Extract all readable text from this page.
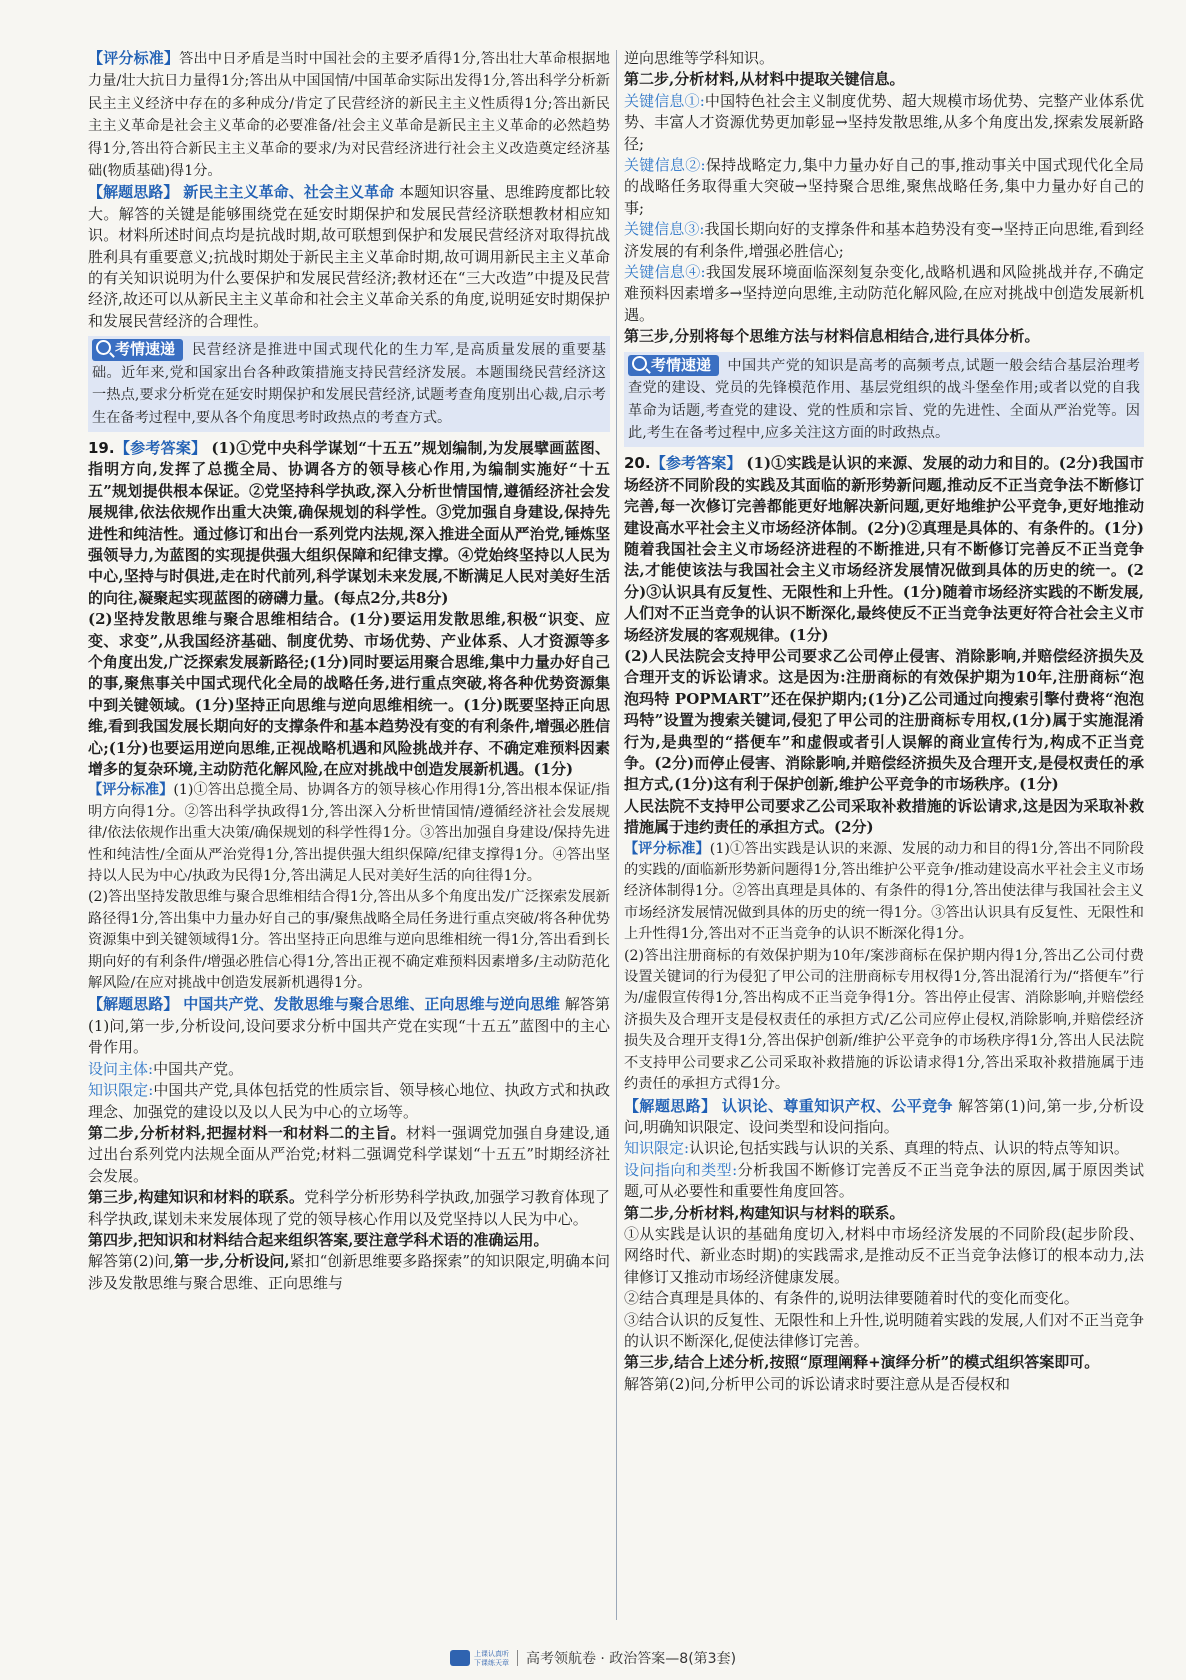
【评分标准】答出中日矛盾是当时中国社会的主要矛盾得1分,答出壮大革命根据地力量/壮大抗日力量得1分;答出从中国国情/中国革命实际出发得1分,答出科学分析新民主主义经济中存在的多种成分/肯定了民营经济的新民主主义性质得1分;答出新民主主义革命是社会主义革命的必要准备/社会主义革命是新民主主义革命的必然趋势得1分,答出符合新民主主义革命的要求/为对民营经济进行社会主义改造奠定经济基础(物质基础)得1分。

【解题思路】 新民主主义革命、社会主义革命 本题知识容量、思维跨度都比较大。解答的关键是能够围绕党在延安时期保护和发展民营经济联想教材相应知识。材料所述时间点均是抗战时期,故可联想到保护和发展民营经济对取得抗战胜利具有重要意义;抗战时期处于新民主主义革命时期,故可调用新民主主义革命的有关知识说明为什么要保护和发展民营经济;教材还在“三大改造”中提及民营经济,故还可以从新民主主义革命和社会主义革命关系的角度,说明延安时期保护和发展民营经济的合理性。

考情速递 民营经济是推进中国式现代化的生力军,是高质量发展的重要基础。近年来,党和国家出台各种政策措施支持民营经济发展。本题围绕民营经济这一热点,要求分析党在延安时期保护和发展民营经济,试题考查角度别出心裁,启示考生在备考过程中,要从各个角度思考时政热点的考查方式。

19.【参考答案】 (1)①党中央科学谋划“十五五”规划编制,为发展擘画蓝图、指明方向,发挥了总揽全局、协调各方的领导核心作用,为编制实施好“十五五”规划提供根本保证。②党坚持科学执政,深入分析世情国情,遵循经济社会发展规律,依法依规作出重大决策,确保规划的科学性。③党加强自身建设,保持先进性和纯洁性。通过修订和出台一系列党内法规,深入推进全面从严治党,锤炼坚强领导力,为蓝图的实现提供强大组织保障和纪律支撑。④党始终坚持以人民为中心,坚持与时俱进,走在时代前列,科学谋划未来发展,不断满足人民对美好生活的向往,凝聚起实现蓝图的磅礴力量。(每点2分,共8分)

(2)坚持发散思维与聚合思维相结合。(1分)要运用发散思维,积极“识变、应变、求变”,从我国经济基础、制度优势、市场优势、产业体系、人才资源等多个角度出发,广泛探索发展新路径;(1分)同时要运用聚合思维,集中力量办好自己的事,聚焦事关中国式现代化全局的战略任务,进行重点突破,将各种优势资源集中到关键领域。(1分)坚持正向思维与逆向思维相统一。(1分)既要坚持正向思维,看到我国发展长期向好的支撑条件和基本趋势没有变的有利条件,增强必胜信心;(1分)也要运用逆向思维,正视战略机遇和风险挑战并存、不确定难预料因素增多的复杂环境,主动防范化解风险,在应对挑战中创造发展新机遇。(1分)

【评分标准】(1)①答出总揽全局、协调各方的领导核心作用得1分,答出根本保证/指明方向得1分。②答出科学执政得1分,答出深入分析世情国情/遵循经济社会发展规律/依法依规作出重大决策/确保规划的科学性得1分。③答出加强自身建设/保持先进性和纯洁性/全面从严治党得1分,答出提供强大组织保障/纪律支撑得1分。④答出坚持以人民为中心/执政为民得1分,答出满足人民对美好生活的向往得1分。

(2)答出坚持发散思维与聚合思维相结合得1分,答出从多个角度出发/广泛探索发展新路径得1分,答出集中力量办好自己的事/聚焦战略全局任务进行重点突破/将各种优势资源集中到关键领域得1分。答出坚持正向思维与逆向思维相统一得1分,答出看到长期向好的有利条件/增强必胜信心得1分,答出正视不确定难预料因素增多/主动防范化解风险/在应对挑战中创造发展新机遇得1分。

【解题思路】 中国共产党、发散思维与聚合思维、正向思维与逆向思维 解答第(1)问,第一步,分析设问,设问要求分析中国共产党在实现“十五五”蓝图中的主心骨作用。

设问主体:中国共产党。

知识限定:中国共产党,具体包括党的性质宗旨、领导核心地位、执政方式和执政理念、加强党的建设以及以人民为中心的立场等。

第二步,分析材料,把握材料一和材料二的主旨。材料一强调党加强自身建设,通过出台系列党内法规全面从严治党;材料二强调党科学谋划“十五五”时期经济社会发展。

第三步,构建知识和材料的联系。党科学分析形势科学执政,加强学习教育体现了科学执政,谋划未来发展体现了党的领导核心作用以及党坚持以人民为中心。

第四步,把知识和材料结合起来组织答案,要注意学科术语的准确运用。

解答第(2)问,第一步,分析设问,紧扣“创新思维要多路探索”的知识限定,明确本问涉及发散思维与聚合思维、正向思维与

逆向思维等学科知识。

第二步,分析材料,从材料中提取关键信息。

关键信息①:中国特色社会主义制度优势、超大规模市场优势、完整产业体系优势、丰富人才资源优势更加彰显→坚持发散思维,从多个角度出发,探索发展新路径;

关键信息②:保持战略定力,集中力量办好自己的事,推动事关中国式现代化全局的战略任务取得重大突破→坚持聚合思维,聚焦战略任务,集中力量办好自己的事;

关键信息③:我国长期向好的支撑条件和基本趋势没有变→坚持正向思维,看到经济发展的有利条件,增强必胜信心;

关键信息④:我国发展环境面临深刻复杂变化,战略机遇和风险挑战并存,不确定难预料因素增多→坚持逆向思维,主动防范化解风险,在应对挑战中创造发展新机遇。

第三步,分别将每个思维方法与材料信息相结合,进行具体分析。

考情速递 中国共产党的知识是高考的高频考点,试题一般会结合基层治理考查党的建设、党员的先锋模范作用、基层党组织的战斗堡垒作用;或者以党的自我革命为话题,考查党的建设、党的性质和宗旨、党的先进性、全面从严治党等。因此,考生在备考过程中,应多关注这方面的时政热点。

20.【参考答案】 (1)①实践是认识的来源、发展的动力和目的。(2分)我国市场经济不同阶段的实践及其面临的新形势新问题,推动反不正当竞争法不断修订完善,每一次修订完善都能更好地解决新问题,更好地维护公平竞争,更好地推动建设高水平社会主义市场经济体制。(2分)②真理是具体的、有条件的。(1分)随着我国社会主义市场经济进程的不断推进,只有不断修订完善反不正当竞争法,才能使该法与我国社会主义市场经济发展情况做到具体的历史的统一。(2分)③认识具有反复性、无限性和上升性。(1分)随着市场经济实践的不断发展,人们对不正当竞争的认识不断深化,最终使反不正当竞争法更好符合社会主义市场经济发展的客观规律。(1分)

(2)人民法院会支持甲公司要求乙公司停止侵害、消除影响,并赔偿经济损失及合理开支的诉讼请求。这是因为:注册商标的有效保护期为10年,注册商标“泡泡玛特 POPMART”还在保护期内;(1分)乙公司通过向搜索引擎付费将“泡泡玛特”设置为搜索关键词,侵犯了甲公司的注册商标专用权,(1分)属于实施混淆行为,是典型的“搭便车”和虚假或者引人误解的商业宣传行为,构成不正当竞争。(2分)而停止侵害、消除影响,并赔偿经济损失及合理开支,是侵权责任的承担方式,(1分)这有利于保护创新,维护公平竞争的市场秩序。(1分)

人民法院不支持甲公司要求乙公司采取补救措施的诉讼请求,这是因为采取补救措施属于违约责任的承担方式。(2分)

【评分标准】(1)①答出实践是认识的来源、发展的动力和目的得1分,答出不同阶段的实践的/面临新形势新问题得1分,答出维护公平竞争/推动建设高水平社会主义市场经济体制得1分。②答出真理是具体的、有条件的得1分,答出使法律与我国社会主义市场经济发展情况做到具体的历史的统一得1分。③答出认识具有反复性、无限性和上升性得1分,答出对不正当竞争的认识不断深化得1分。

(2)答出注册商标的有效保护期为10年/案涉商标在保护期内得1分,答出乙公司付费设置关键词的行为侵犯了甲公司的注册商标专用权得1分,答出混淆行为/“搭便车”行为/虚假宣传得1分,答出构成不正当竞争得1分。答出停止侵害、消除影响,并赔偿经济损失及合理开支是侵权责任的承担方式/乙公司应停止侵权,消除影响,并赔偿经济损失及合理开支得1分,答出保护创新/维护公平竞争的市场秩序得1分,答出人民法院不支持甲公司要求乙公司采取补救措施的诉讼请求得1分,答出采取补救措施属于违约责任的承担方式得1分。

【解题思路】 认识论、尊重知识产权、公平竞争 解答第(1)问,第一步,分析设问,明确知识限定、设问类型和设问指向。

知识限定:认识论,包括实践与认识的关系、真理的特点、认识的特点等知识。

设问指向和类型:分析我国不断修订完善反不正当竞争法的原因,属于原因类试题,可从必要性和重要性角度回答。

第二步,分析材料,构建知识与材料的联系。

①从实践是认识的基础角度切入,材料中市场经济发展的不同阶段(起步阶段、网络时代、新业态时期)的实践需求,是推动反不正当竞争法修订的根本动力,法律修订又推动市场经济健康发展。

②结合真理是具体的、有条件的,说明法律要随着时代的变化而变化。

③结合认识的反复性、无限性和上升性,说明随着实践的发展,人们对不正当竞争的认识不断深化,促使法律修订完善。

第三步,结合上述分析,按照“原理阐释+演绎分析”的模式组织答案即可。

解答第(2)问,分析甲公司的诉讼请求时要注意从是否侵权和

上课认真听
下课练天章 高考领航卷 · 政治答案—8(第3套)
